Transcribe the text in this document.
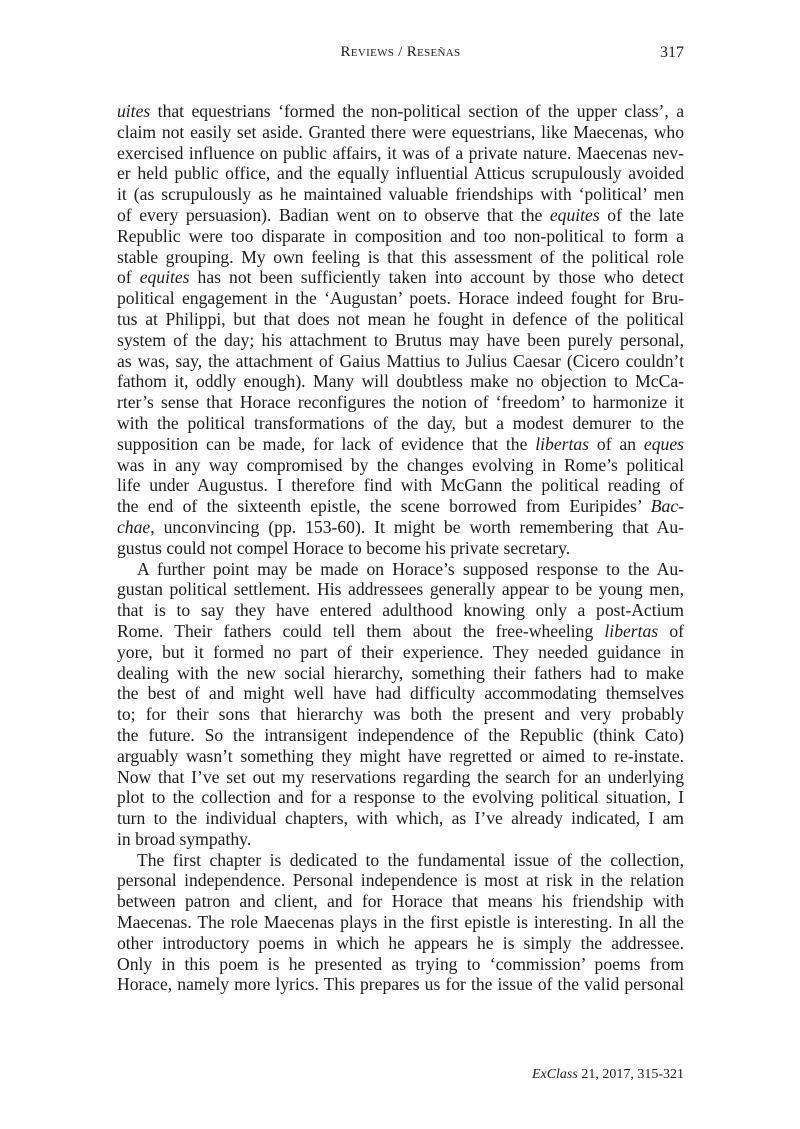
Reviews / Reseñas	317
uites that equestrians ‘formed the non-political section of the upper class’, a
claim not easily set aside. Granted there were equestrians, like Maecenas, who
exercised influence on public affairs, it was of a private nature. Maecenas nev-
er held public office, and the equally influential Atticus scrupulously avoided
it (as scrupulously as he maintained valuable friendships with ‘political’ men
of every persuasion). Badian went on to observe that the equites of the late
Republic were too disparate in composition and too non-political to form a
stable grouping. My own feeling is that this assessment of the political role
of equites has not been sufficiently taken into account by those who detect
political engagement in the ‘Augustan’ poets. Horace indeed fought for Bru-
tus at Philippi, but that does not mean he fought in defence of the political
system of the day; his attachment to Brutus may have been purely personal,
as was, say, the attachment of Gaius Mattius to Julius Caesar (Cicero couldn’t
fathom it, oddly enough). Many will doubtless make no objection to McCa-
rter’s sense that Horace reconfigures the notion of ‘freedom’ to harmonize it
with the political transformations of the day, but a modest demurer to the
supposition can be made, for lack of evidence that the libertas of an eques
was in any way compromised by the changes evolving in Rome’s political
life under Augustus. I therefore find with McGann the political reading of
the end of the sixteenth epistle, the scene borrowed from Euripides’ Bac-
chae, unconvincing (pp. 153-60). It might be worth remembering that Au-
gustus could not compel Horace to become his private secretary.
A further point may be made on Horace’s supposed response to the Au-
gustan political settlement. His addressees generally appear to be young men,
that is to say they have entered adulthood knowing only a post-Actium
Rome. Their fathers could tell them about the free-wheeling libertas of
yore, but it formed no part of their experience. They needed guidance in
dealing with the new social hierarchy, something their fathers had to make
the best of and might well have had difficulty accommodating themselves
to; for their sons that hierarchy was both the present and very probably
the future. So the intransigent independence of the Republic (think Cato)
arguably wasn’t something they might have regretted or aimed to re-instate.
Now that I’ve set out my reservations regarding the search for an underlying
plot to the collection and for a response to the evolving political situation, I
turn to the individual chapters, with which, as I’ve already indicated, I am
in broad sympathy.
The first chapter is dedicated to the fundamental issue of the collection,
personal independence. Personal independence is most at risk in the relation
between patron and client, and for Horace that means his friendship with
Maecenas. The role Maecenas plays in the first epistle is interesting. In all the
other introductory poems in which he appears he is simply the addressee.
Only in this poem is he presented as trying to ‘commission’ poems from
Horace, namely more lyrics. This prepares us for the issue of the valid personal
ExClass 21, 2017, 315-321
